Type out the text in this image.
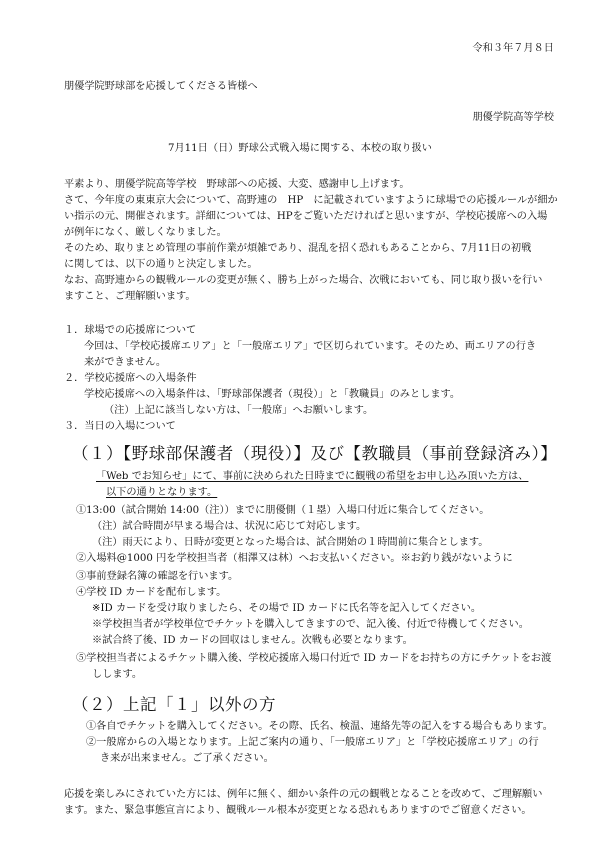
令和３年７月８日
朋優学院野球部を応援してくださる皆様へ
朋優学院高等学校
7月11日（日）野球公式戦入場に関する、本校の取り扱い
平素より、朋優学院高等学校　野球部への応援、大変、感謝申し上げます。
さて、今年度の東東京大会について、高野連の　HP　に記載されていますように球場での応援ルールが細か
い指示の元、開催されます。詳細については、HPをご覧いただければと思いますが、学校応援席への入場
が例年になく、厳しくなりました。
そのため、取りまとめ管理の事前作業が煩雑であり、混乱を招く恐れもあることから、7月11日の初戦
に関しては、以下の通りと決定しました。
なお、高野連からの観戦ルールの変更が無く、勝ち上がった場合、次戦においても、同じ取り扱いを行い
ますこと、ご理解願います。
１．球場での応援席について
今回は、「学校応援席エリア」と「一般席エリア」で区切られています。そのため、両エリアの行き
来ができません。
２．学校応援席への入場条件
学校応援席への入場条件は、「野球部保護者（現役）」と「教職員」のみとします。
（注）上記に該当しない方は、「一般席」へお願いします。
３．当日の入場について
（１）【野球部保護者（現役）】及び【教職員（事前登録済み）】
「Web でお知らせ」にて、事前に決められた日時までに観戦の希望をお申し込み頂いた方は、
以下の通りとなります。
①13:00（試合開始 14:00（注））までに朋優側（１塁）入場口付近に集合してください。
（注）試合時間が早まる場合は、状況に応じて対応します。
（注）雨天により、日時が変更となった場合は、試合開始の１時間前に集合とします。
②入場料@1000 円を学校担当者（相澤又は林）へお支払いください。※お釣り銭がないように
③事前登録名簿の確認を行います。
④学校 ID カードを配布します。
※ID カードを受け取りましたら、その場で ID カードに氏名等を記入してください。
※学校担当者が学校単位でチケットを購入してきますので、記入後、付近で待機してください。
※試合終了後、ID カードの回収はしません。次戦も必要となります。
⑤学校担当者によるチケット購入後、学校応援席入場口付近で ID カードをお持ちの方にチケットをお渡
しします。
（２）上記「１」以外の方
①各自でチケットを購入してください。その際、氏名、検温、連絡先等の記入をする場合もあります。
②一般席からの入場となります。上記ご案内の通り、「一般席エリア」と「学校応援席エリア」の行
き来が出来ません。ご了承ください。
応援を楽しみにされていた方には、例年に無く、細かい条件の元の観戦となることを改めて、ご理解願い
ます。また、緊急事態宣言により、観戦ルール根本が変更となる恐れもありますのでご留意ください。
